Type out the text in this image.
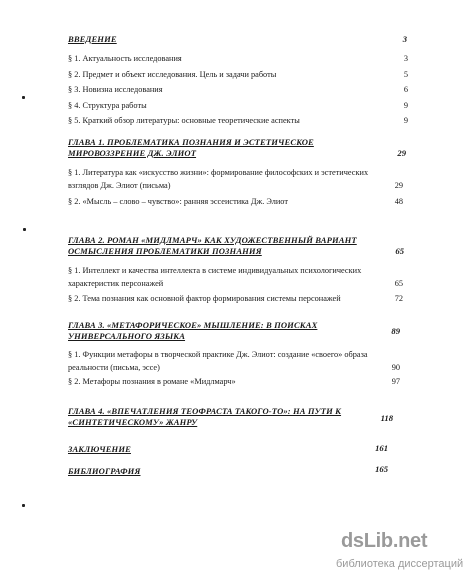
ВВЕДЕНИЕ	3
§ 1. Актуальность исследования	3
§ 2. Предмет и объект исследования. Цель и задачи работы	5
§ 3. Новизна исследования	6
§ 4. Структура работы	9
§ 5. Краткий обзор литературы: основные теоретические аспекты	9
ГЛАВА 1. ПРОБЛЕМАТИКА ПОЗНАНИЯ И ЭСТЕТИЧЕСКОЕ
МИРОВОЗЗРЕНИЕ ДЖ. ЭЛИОТ	29
§ 1. Литература как «искусство жизни»: формирование философских и эстетических
взглядов Дж. Элиот (письма)	29
§ 2. «Мысль – слово – чувство»: ранняя эссеистика Дж. Элиот	48
ГЛАВА 2. РОМАН «МИДЛМАРЧ» КАК ХУДОЖЕСТВЕННЫЙ ВАРИАНТ
ОСМЫСЛЕНИЯ ПРОБЛЕМАТИКИ ПОЗНАНИЯ	65
§ 1. Интеллект и качества интеллекта в системе индивидуальных психологических
характеристик персонажей	65
§ 2. Тема познания как основной фактор формирования системы персонажей	72
ГЛАВА 3. «МЕТАФОРИЧЕСКОЕ» МЫШЛЕНИЕ: В ПОИСКАХ
УНИВЕРСАЛЬНОГО ЯЗЫКА	89
§ 1. Функции метафоры в творческой практике Дж. Элиот: создание «своего» образа
реальности (письма, эссе)	90
§ 2. Метафоры познания в романе «Мидлмарч»	97
ГЛАВА 4. «ВПЕЧАТЛЕНИЯ ТЕОФРАСТА ТАКОГО-ТО»: НА ПУТИ К
«СИНТЕТИЧЕСКОМУ» ЖАНРУ	118
ЗАКЛЮЧЕНИЕ	161
БИБЛИОГРАФИЯ	165
dsLib.net
библиотека диссертаций
